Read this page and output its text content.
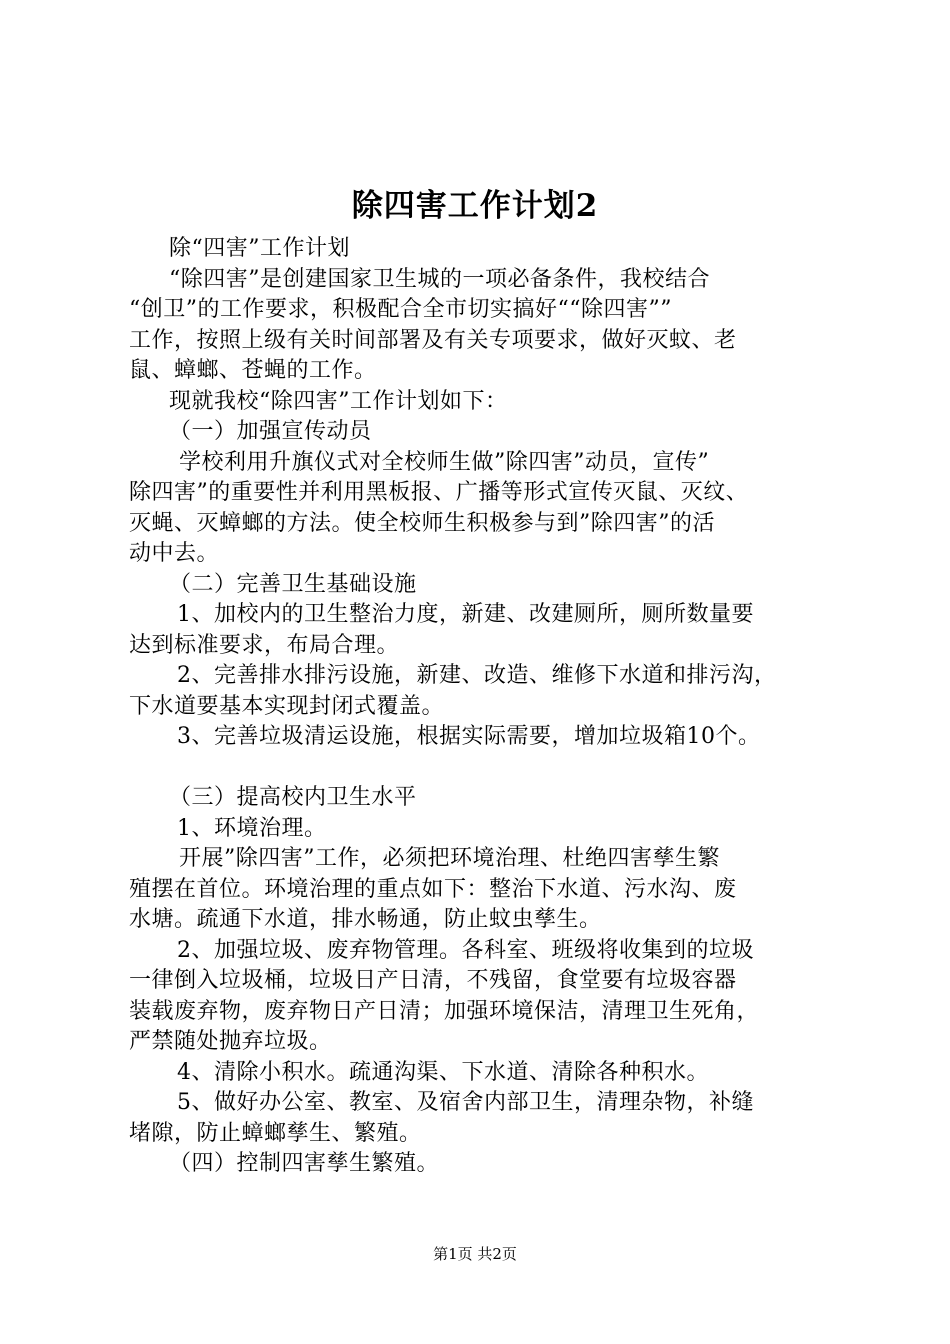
除四害工作计划2
除“四害”工作计划
“除四害”是创建国家卫生城的一项必备条件，我校结合
“创卫”的工作要求，积极配合全市切实搞好““除四害””
工作，按照上级有关时间部署及有关专项要求，做好灭蚊、老
鼠、蟑螂、苍蝇的工作。
现就我校“除四害”工作计划如下：
（一）加强宣传动员
学校利用升旗仪式对全校师生做”除四害”动员，宣传”
除四害”的重要性并利用黑板报、广播等形式宣传灭鼠、灭纹、
灭蝇、灭蟑螂的方法。使全校师生积极参与到”除四害”的活
动中去。
（二）完善卫生基础设施
1、加校内的卫生整治力度，新建、改建厕所，厕所数量要
达到标准要求，布局合理。
2、完善排水排污设施，新建、改造、维修下水道和排污沟，
下水道要基本实现封闭式覆盖。
3、完善垃圾清运设施，根据实际需要，增加垃圾箱10个。
（三）提高校内卫生水平
1、环境治理。
开展”除四害”工作，必须把环境治理、杜绝四害孳生繁
殖摆在首位。环境治理的重点如下：整治下水道、污水沟、废
水塘。疏通下水道，排水畅通，防止蚊虫孳生。
2、加强垃圾、废弃物管理。各科室、班级将收集到的垃圾
一律倒入垃圾桶，垃圾日产日清，不残留，食堂要有垃圾容器
装载废弃物，废弃物日产日清；加强环境保洁，清理卫生死角，
严禁随处抛弃垃圾。
4、清除小积水。疏通沟渠、下水道、清除各种积水。
5、做好办公室、教室、及宿舍内部卫生，清理杂物，补缝
堵隙，防止蟑螂孳生、繁殖。
（四）控制四害孳生繁殖。
第1页 共2页
